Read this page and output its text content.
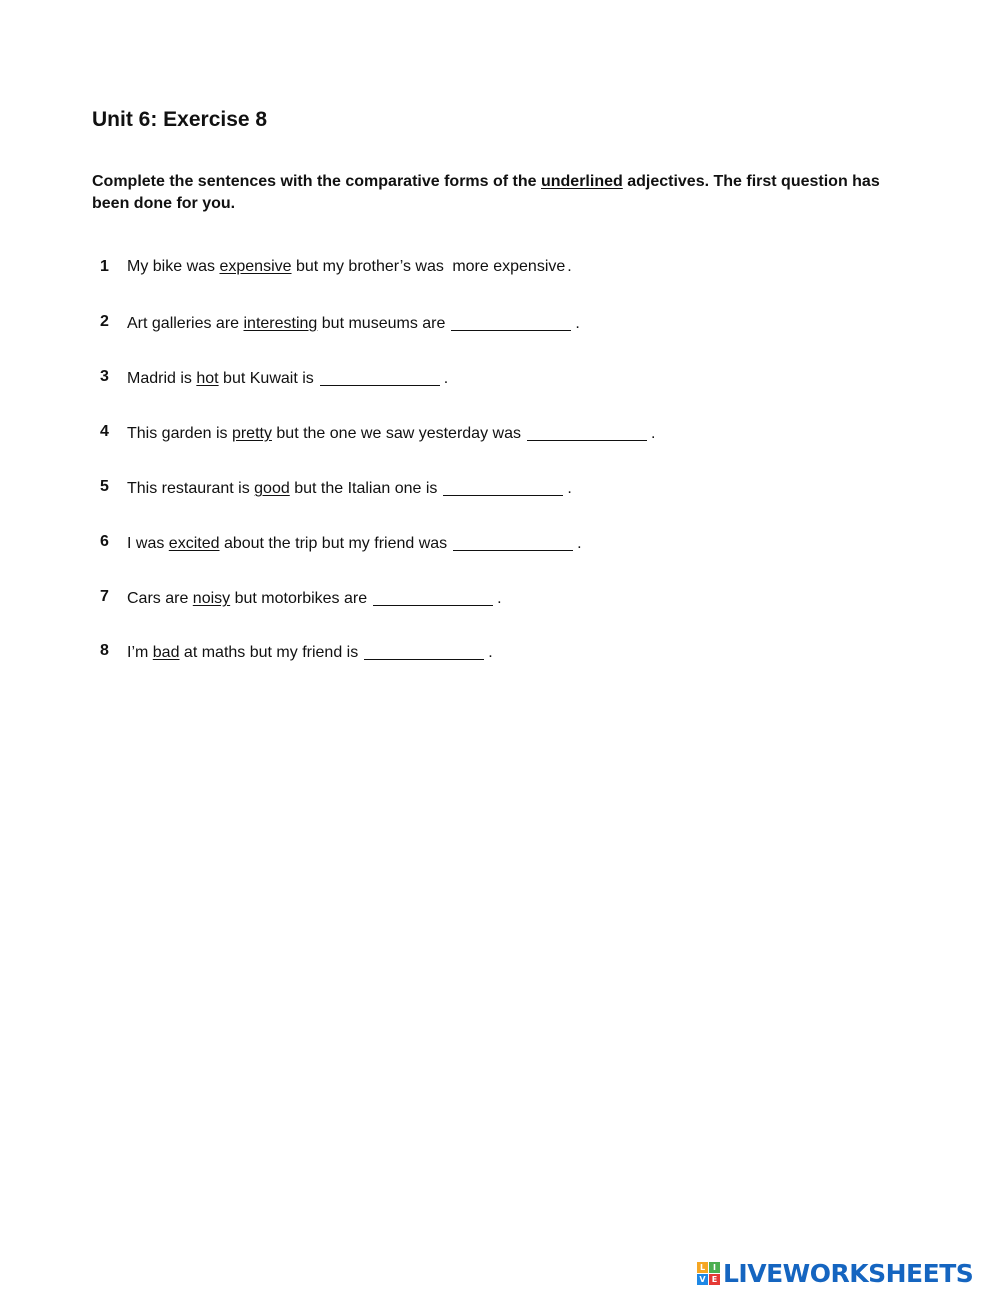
Unit 6: Exercise 8

Complete the sentences with the comparative forms of the underlined adjectives. The first question has been done for you.

1 My bike was expensive but my brother’s was more expensive .
2 Art galleries are interesting but museums are	.
3 Madrid is hot but Kuwait is	.
4 This garden is pretty but the one we saw yesterday was	.
5 This restaurant is good but the Italian one is	.
6 I was excited about the trip but my friend was	.
7 Cars are noisy but motorbikes are	.
8 I’m bad at maths but my friend is	.
L I
V E LIVEWORKSHEETS
